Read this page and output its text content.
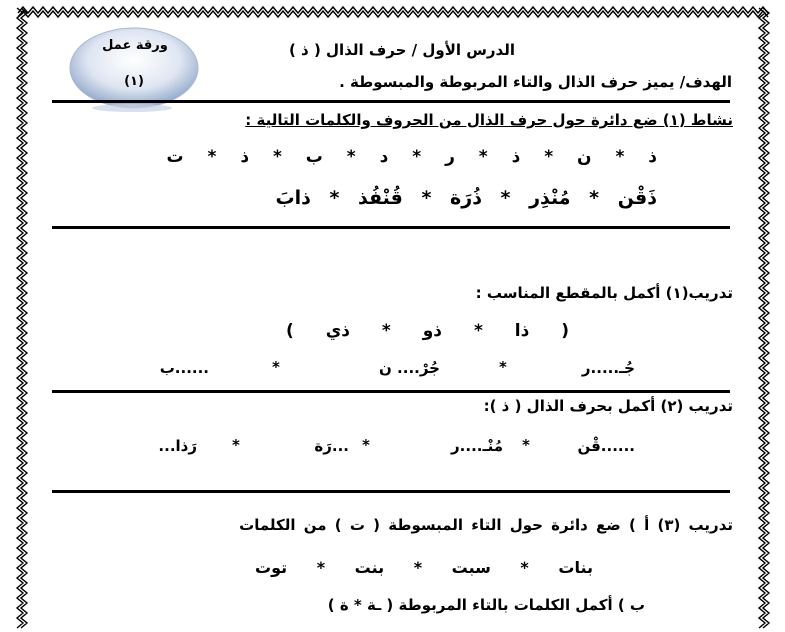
ورقة عمل
(١)
الدرس الأول / حرف الذال ( ذ )
الهدف/ يميز حرف الذال والتاء المربوطة والمبسوطة .
نشاط (١) ضع دائرة حول حرف الذال من الحروف والكلمات التالية :
ذ * ن * ذ * ر * د * ب * ذ * ت
ذَقْن * مُنْذِر * ذُرَة * قُنْفُذ * ذابَ
تدريب(١) أكمل بالمقطع المناسب :
( ذا * ذو * ذي )
جُـ.....ر
*
جُرْ.... ن
*
......ب
تدريب (٢) أكمل بحرف الذال ( ذ ):
......قْن
*
مُنْـ....ر
*
...رَة
*
رَذا...
تدريب (٣) أ ) ضع دائرة حول التاء المبسوطة ( ت ) من الكلمات
بنات * سبت * بنت * توت
ب ) أكمل الكلمات بالتاء المربوطة ( ـة * ة )
